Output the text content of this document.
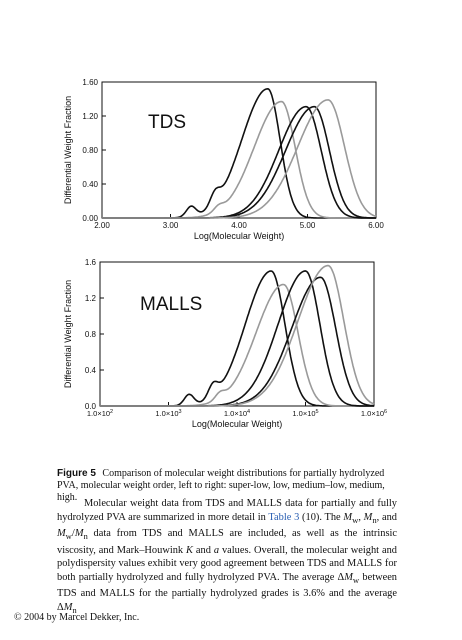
0.00
0.40
0.80
1.20
1.60
2.00	3.00	4.00	5.00	6.00
Log(Molecular Weight)
Differential Weight Fraction	TDS
0.0
0.4
0.8
1.2
1.6
$1.0\times 10^2$	$1.0\times 10^3$	$1.0\times 10^4$	$1.0\times 10^5$	$1.0\times 10^6$
Log(Molecular Weight)
Differential Weight Fraction	MALLS
Figure 5 Comparison of molecular weight distributions for partially hydrolyzed PVA, molecular weight order, left to right: super-low, low, medium–low, medium, high.

Molecular weight data from TDS and MALLS data for partially and fully hydrolyzed PVA are summarized in more detail in Table 3 (10). The $M_w$, $M_n$, and $M_w/M_n$ data from TDS and MALLS are included, as well as the intrinsic viscosity, and Mark–Houwink K and a values. Overall, the molecular weight and polydispersity values exhibit very good agreement between TDS and MALLS for both partially hydrolyzed and fully hydrolyzed PVA. The average $\Delta M_w$ between TDS and MALLS for the partially hydrolyzed grades is 3.6% and the average $\Delta M_n$

© 2004 by Marcel Dekker, Inc.
